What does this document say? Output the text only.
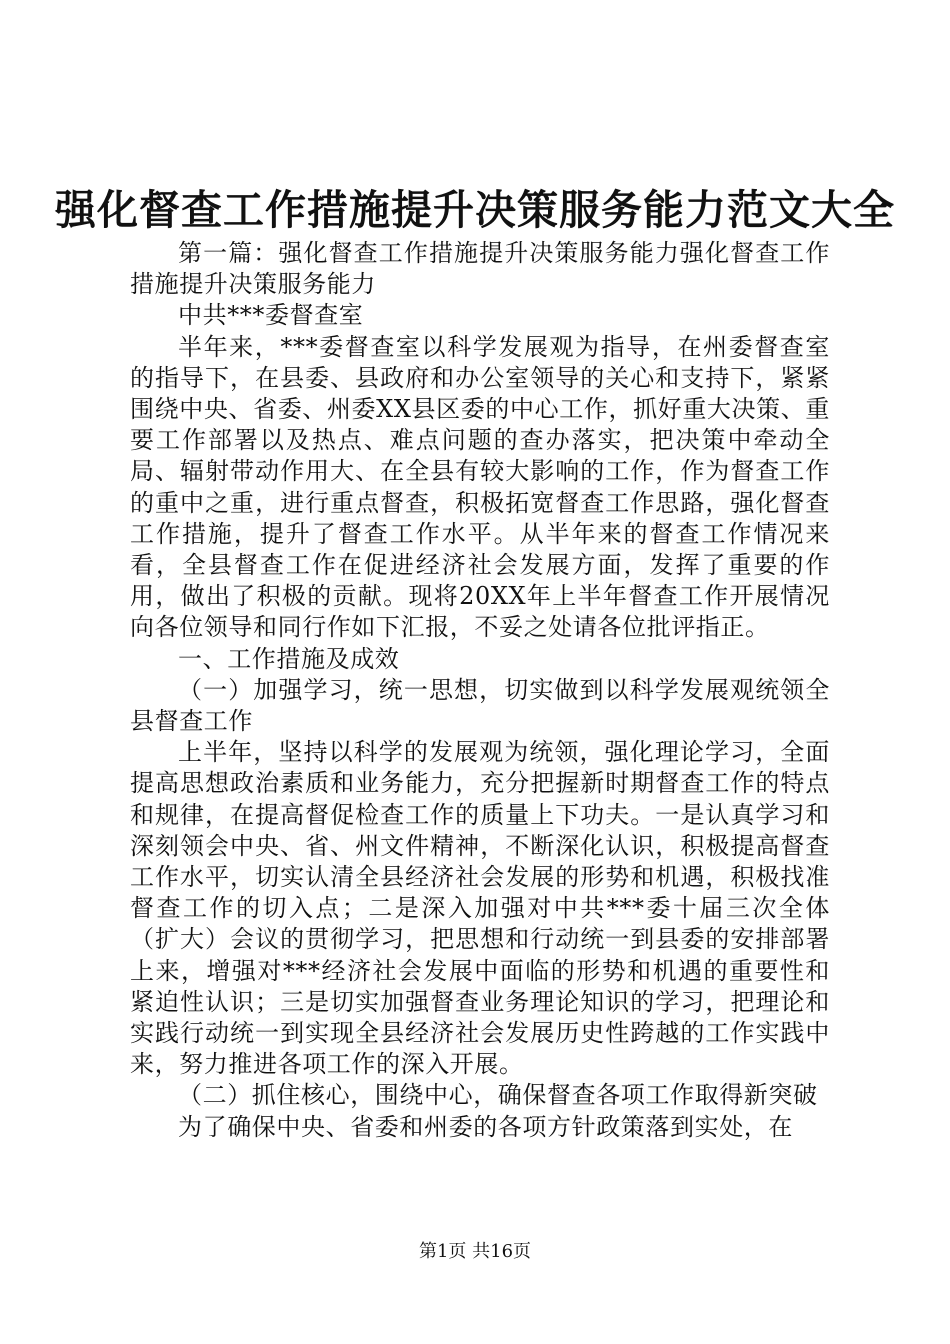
强化督查工作措施提升决策服务能力范文大全

第一篇：强化督查工作措施提升决策服务能力强化督查工作措施提升决策服务能力

中共***委督查室

半年来，***委督查室以科学发展观为指导，在州委督查室的指导下，在县委、县政府和办公室领导的关心和支持下，紧紧围绕中央、省委、州委XX县区委的中心工作，抓好重大决策、重要工作部署以及热点、难点问题的查办落实，把决策中牵动全局、辐射带动作用大、在全县有较大影响的工作，作为督查工作的重中之重，进行重点督查，积极拓宽督查工作思路，强化督查工作措施，提升了督查工作水平。从半年来的督查工作情况来看，全县督查工作在促进经济社会发展方面，发挥了重要的作用，做出了积极的贡献。现将20XX年上半年督查工作开展情况向各位领导和同行作如下汇报，不妥之处请各位批评指正。

一、工作措施及成效

（一）加强学习，统一思想，切实做到以科学发展观统领全县督查工作

上半年，坚持以科学的发展观为统领，强化理论学习，全面提高思想政治素质和业务能力，充分把握新时期督查工作的特点和规律，在提高督促检查工作的质量上下功夫。一是认真学习和深刻领会中央、省、州文件精神，不断深化认识，积极提高督查工作水平，切实认清全县经济社会发展的形势和机遇，积极找准督查工作的切入点；二是深入加强对中共***委十届三次全体（扩大）会议的贯彻学习，把思想和行动统一到县委的安排部署上来，增强对***经济社会发展中面临的形势和机遇的重要性和紧迫性认识；三是切实加强督查业务理论知识的学习，把理论和实践行动统一到实现全县经济社会发展历史性跨越的工作实践中来，努力推进各项工作的深入开展。

（二）抓住核心，围绕中心，确保督查各项工作取得新突破

为了确保中央、省委和州委的各项方针政策落到实处，在

第1页 共16页
